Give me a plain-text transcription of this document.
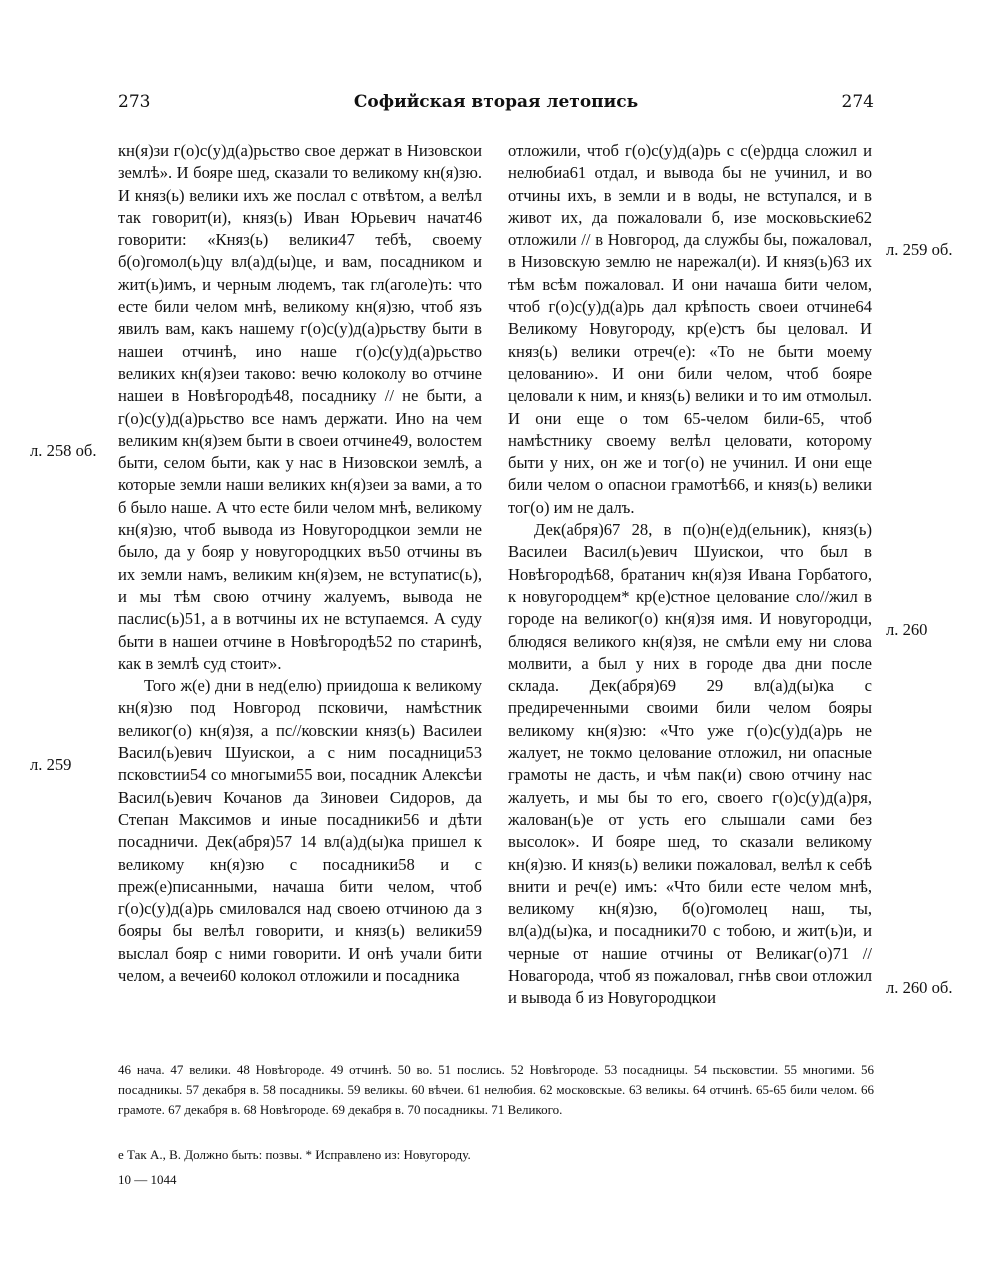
273	Софийская вторая летопись	274

кн(я)зи г(о)с(у)д(а)рьство свое держат в Низовскои землѣ». И бояре шед, сказали то великому кн(я)зю. И княз(ь) велики ихъ же послал с отвѣтом, а велѣл так говорит(и), княз(ь) Иван Юрьевич начат46 говорити: «Княз(ь) велики47 тебѣ, своему б(о)гомол(ь)цу вл(а)д(ы)це, и вам, посадником и жит(ь)имъ, и черным людемъ, так гл(аголе)ть: что есте били челом мнѣ, великому кн(я)зю, чтоб язъ явилъ вам, какъ нашему г(о)с(у)д(а)рьству быти в нашеи отчинѣ, ино наше г(о)с(у)д(а)рьство великих кн(я)зеи таково: вечю колоколу во отчине нашеи в Новѣгородѣ48, посаднику // не быти, а г(о)с(у)д(а)рьство все намъ держати. Ино на чем великим кн(я)зем быти в своеи отчине49, волостем быти, селом быти, как у нас в Низовскои землѣ, а которые земли наши великих кн(я)зеи за вами, а то б было наше. А что есте били челом мнѣ, великому кн(я)зю, чтоб вывода из Новугородцкои земли не было, да у бояр у новугородцких въ50 отчины въ их земли намъ, великим кн(я)зем, не вступатис(ь), и мы тѣм свою отчину жалуемъ, вывода не паслис(ь)51, а в вотчины их не вступаемся. А суду быти в нашеи отчине в Новѣгородѣ52 по старинѣ, как в землѣ суд стоит».

Того ж(е) дни в нед(елю) приидоша к великому кн(я)зю под Новгород псковичи, намѣстник великог(о) кн(я)зя, а пс//ковскии княз(ь) Василеи Васил(ь)евич Шуискои, а с ним посадници53 псковстии54 со многыми55 вои, посадник Алексѣи Васил(ь)евич Кочанов да Зиновеи Сидоров, да Степан Максимов и иные посадники56 и дѣти посадничи. Дек(абря)57 14 вл(а)д(ы)ка пришел к великому кн(я)зю с посадники58 и с преж(е)писанными, начаша бити челом, чтоб г(о)с(у)д(а)рь смиловался над своею отчиною да з бояры бы велѣл говорити, и княз(ь) велики59 выслал бояр с ними говорити. И онѣ учали бити челом, а вечеи60 колокол отложили и посадника

отложили, чтоб г(о)с(у)д(а)рь с с(е)рдца сложил и нелюбиа61 отдал, и вывода бы не учинил, и во отчины ихъ, в земли и в воды, не вступался, и в живот их, да пожаловали б, изе московьские62 отложили // в Новгород, да службы бы, пожаловал, в Низовскую землю не нарежал(и). И княз(ь)63 их тѣм всѣм пожаловал. И они начаша бити челом, чтоб г(о)с(у)д(а)рь дал крѣпость своеи отчине64 Великому Новугороду, кр(е)стъ бы целовал. И княз(ь) велики отреч(е): «То не быти моему целованию». И они били челом, чтоб бояре целовали к ним, и княз(ь) велики и то им отмолыл. И они еще о том 65-челом били-65, чтоб намѣстнику своему велѣл целовати, которому быти у них, он же и тог(о) не учинил. И они еще били челом о опаснои грамотѣ66, и княз(ь) велики тог(о) им не далъ.

Дек(абря)67 28, в п(о)н(е)д(ельник), княз(ь) Василеи Васил(ь)евич Шуискои, что был в Новѣгородѣ68, братанич кн(я)зя Ивана Горбатого, к новугородцем* кр(е)стное целование сло//жил в городе на великог(о) кн(я)зя имя. И новугородци, блюдяся великого кн(я)зя, не смѣли ему ни слова молвити, а был у них в городе два дни после склада. Дек(абря)69 29 вл(а)д(ы)ка с предиреченными своими били челом бояры великому кн(я)зю: «Что уже г(о)с(у)д(а)рь не жалует, не токмо целование отложил, ни опасные грамоты не дасть, и чѣм пак(и) свою отчину нас жалуеть, и мы бы то его, своего г(о)с(у)д(а)ря, жалован(ь)е от усть его слышали сами без высолок». И бояре шед, то сказали великому кн(я)зю. И княз(ь) велики пожаловал, велѣл к себѣ внити и реч(е) имъ: «Что били есте челом мнѣ, великому кн(я)зю, б(о)гомолец наш, ты, вл(а)д(ы)ка, и посадники70 с тобою, и жит(ь)и, и черные от нашие отчины от Великаг(о)71 // Новагорода, чтоб яз пожаловал, гнѣв свои отложил и вывода б из Новугородцкои

л. 258 об.
л. 259
л. 259 об.
л. 260
л. 260 об.
46 нача. 47 велики. 48 Новѣгороде. 49 отчинѣ. 50 во. 51 послись. 52 Новѣгороде. 53 посадницы. 54 пьсковстии. 55 многими. 56 посадникы. 57 декабря в. 58 посадникы. 59 великы. 60 вѣчеи. 61 нелюбия. 62 московскые. 63 великы. 64 отчинѣ. 65-65 били челом. 66 грамоте. 67 декабря в. 68 Новѣгороде. 69 декабря в. 70 посадникы. 71 Великого.
е Так А., В. Должно быть: позвы. * Исправлено из: Новугороду.
10 — 1044
